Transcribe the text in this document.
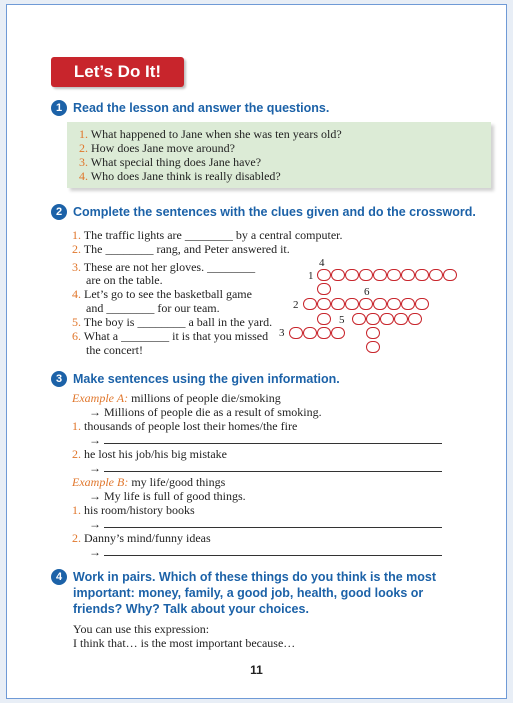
Let’s Do It!
1 Read the lesson and answer the questions.
1. What happened to Jane when she was ten years old?
2. How does Jane move around?
3. What special thing does Jane have?
4. Who does Jane think is really disabled?
2 Complete the sentences with the clues given and do the crossword.
1. The traffic lights are ________ by a central computer.
2. The ________ rang, and Peter answered it.
3. These are not her gloves. ________
are on the table.
4. Let’s go to see the basketball game
and ________ for our team.
5. The boy is ________ a ball in the yard.
6. What a ________ it is that you missed
the concert!
4
1
6
2
5
3
3 Make sentences using the given information.
Example A: millions of people die/smoking
→ Millions of people die as a result of smoking.
1. thousands of people lost their homes/the fire
→
2. he lost his job/his big mistake
→
Example B: my life/good things
→ My life is full of good things.
1. his room/history books
→
2. Danny’s mind/funny ideas
→
4 Work in pairs. Which of these things do you think is the most
important: money, family, a good job, health, good looks or
friends? Why? Talk about your choices.
You can use this expression:
I think that… is the most important because…
11
